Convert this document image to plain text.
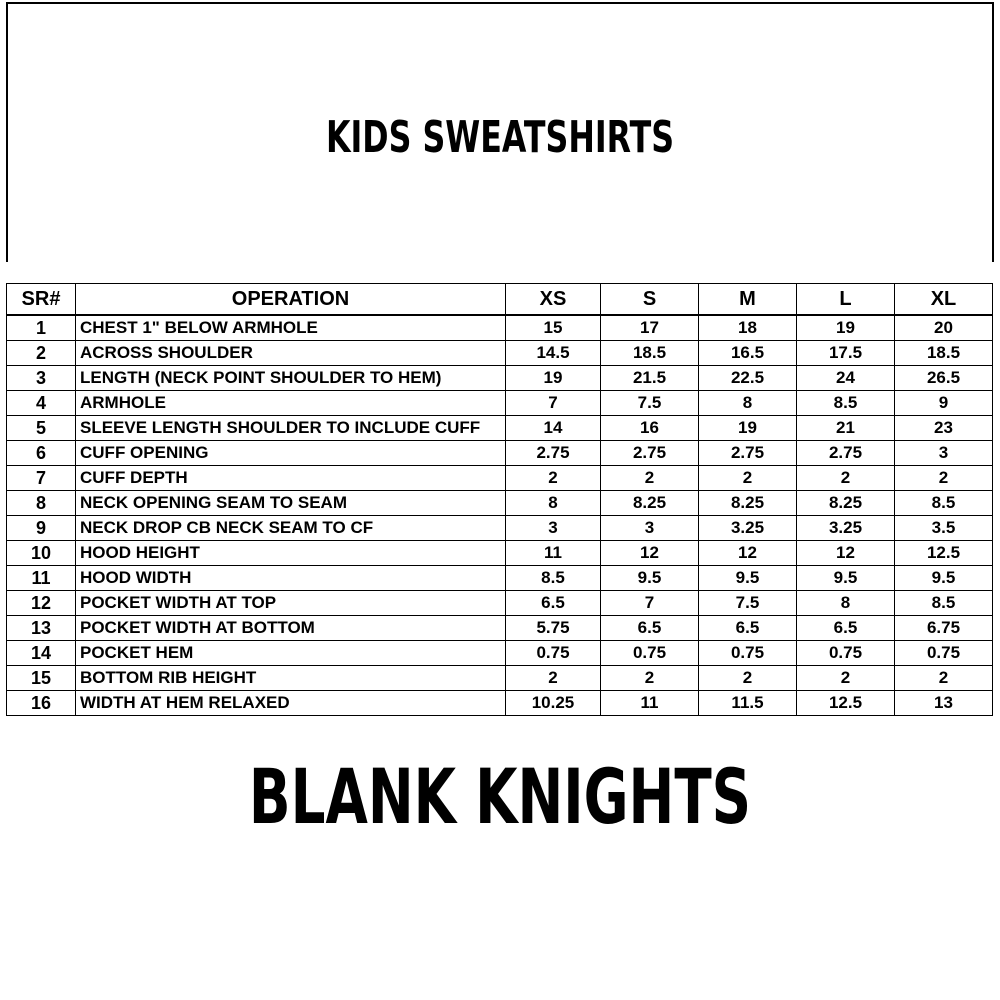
KIDS SWEATSHIRTS
SR#	OPERATION	XS	S	M	L	XL
1	CHEST 1" BELOW ARMHOLE	15	17	18	19	20
2	ACROSS SHOULDER	14.5	18.5	16.5	17.5	18.5
3	LENGTH (NECK POINT SHOULDER TO HEM)	19	21.5	22.5	24	26.5
4	ARMHOLE	7	7.5	8	8.5	9
5	SLEEVE LENGTH SHOULDER TO INCLUDE CUFF	14	16	19	21	23
6	CUFF OPENING	2.75	2.75	2.75	2.75	3
7	CUFF DEPTH	2	2	2	2	2
8	NECK OPENING SEAM TO SEAM	8	8.25	8.25	8.25	8.5
9	NECK DROP CB NECK SEAM TO CF	3	3	3.25	3.25	3.5
10	HOOD HEIGHT	11	12	12	12	12.5
11	HOOD WIDTH	8.5	9.5	9.5	9.5	9.5
12	POCKET WIDTH AT TOP	6.5	7	7.5	8	8.5
13	POCKET WIDTH AT BOTTOM	5.75	6.5	6.5	6.5	6.75
14	POCKET HEM	0.75	0.75	0.75	0.75	0.75
15	BOTTOM RIB HEIGHT	2	2	2	2	2
16	WIDTH AT HEM RELAXED	10.25	11	11.5	12.5	13
BLANK KNIGHTS
